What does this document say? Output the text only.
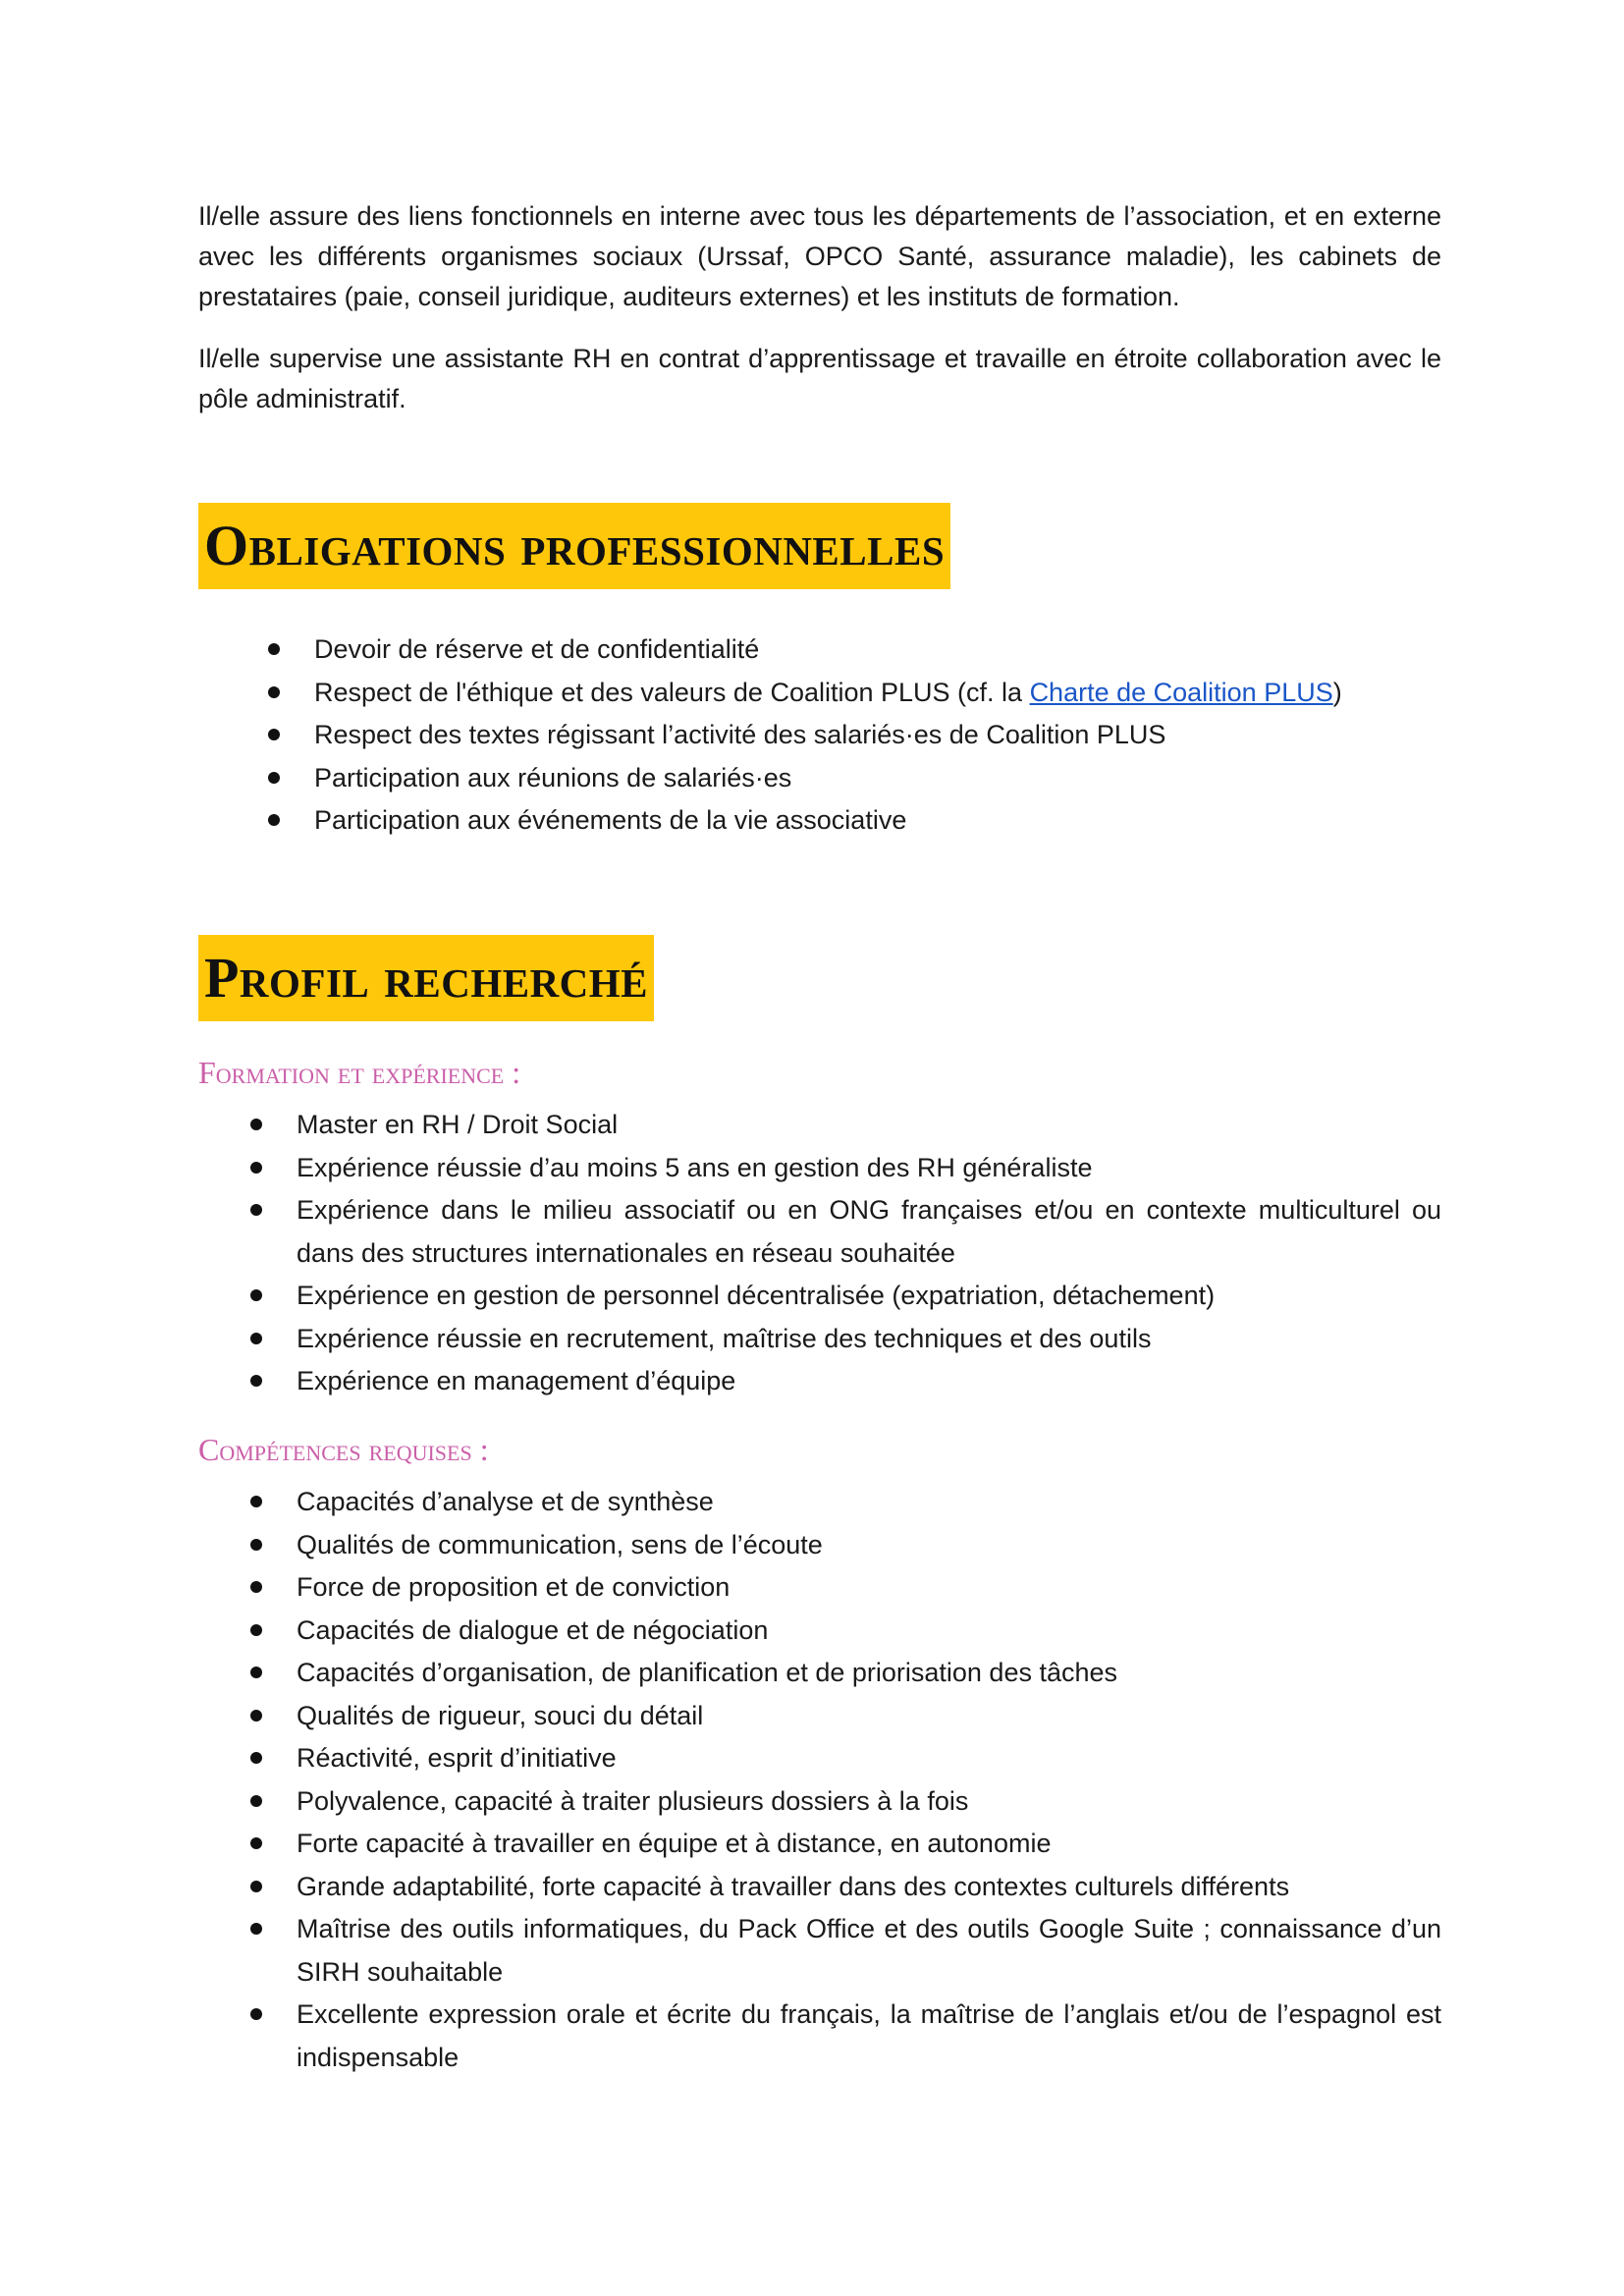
Il/elle assure des liens fonctionnels en interne avec tous les départements de l’association, et en externe avec les différents organismes sociaux (Urssaf, OPCO Santé, assurance maladie), les cabinets de prestataires (paie, conseil juridique, auditeurs externes) et les instituts de formation.

Il/elle supervise une assistante RH en contrat d’apprentissage et travaille en étroite collaboration avec le pôle administratif.

Obligations professionnelles
Devoir de réserve et de confidentialité
Respect de l'éthique et des valeurs de Coalition PLUS (cf. la Charte de Coalition PLUS)
Respect des textes régissant l’activité des salariés·es de Coalition PLUS
Participation aux réunions de salariés·es
Participation aux événements de la vie associative
Profil recherché

Formation et expérience :

Master en RH / Droit Social
Expérience réussie d’au moins 5 ans en gestion des RH généraliste
Expérience dans le milieu associatif ou en ONG françaises et/ou en contexte multiculturel ou dans des structures internationales en réseau souhaitée
Expérience en gestion de personnel décentralisée (expatriation, détachement)
Expérience réussie en recrutement, maîtrise des techniques et des outils
Expérience en management d’équipe

Compétences requises :

Capacités d’analyse et de synthèse
Qualités de communication, sens de l’écoute
Force de proposition et de conviction
Capacités de dialogue et de négociation
Capacités d’organisation, de planification et de priorisation des tâches
Qualités de rigueur, souci du détail
Réactivité, esprit d’initiative
Polyvalence, capacité à traiter plusieurs dossiers à la fois
Forte capacité à travailler en équipe et à distance, en autonomie
Grande adaptabilité, forte capacité à travailler dans des contextes culturels différents
Maîtrise des outils informatiques, du Pack Office et des outils Google Suite ; connaissance d’un SIRH souhaitable
Excellente expression orale et écrite du français, la maîtrise de l’anglais et/ou de l’espagnol est indispensable
